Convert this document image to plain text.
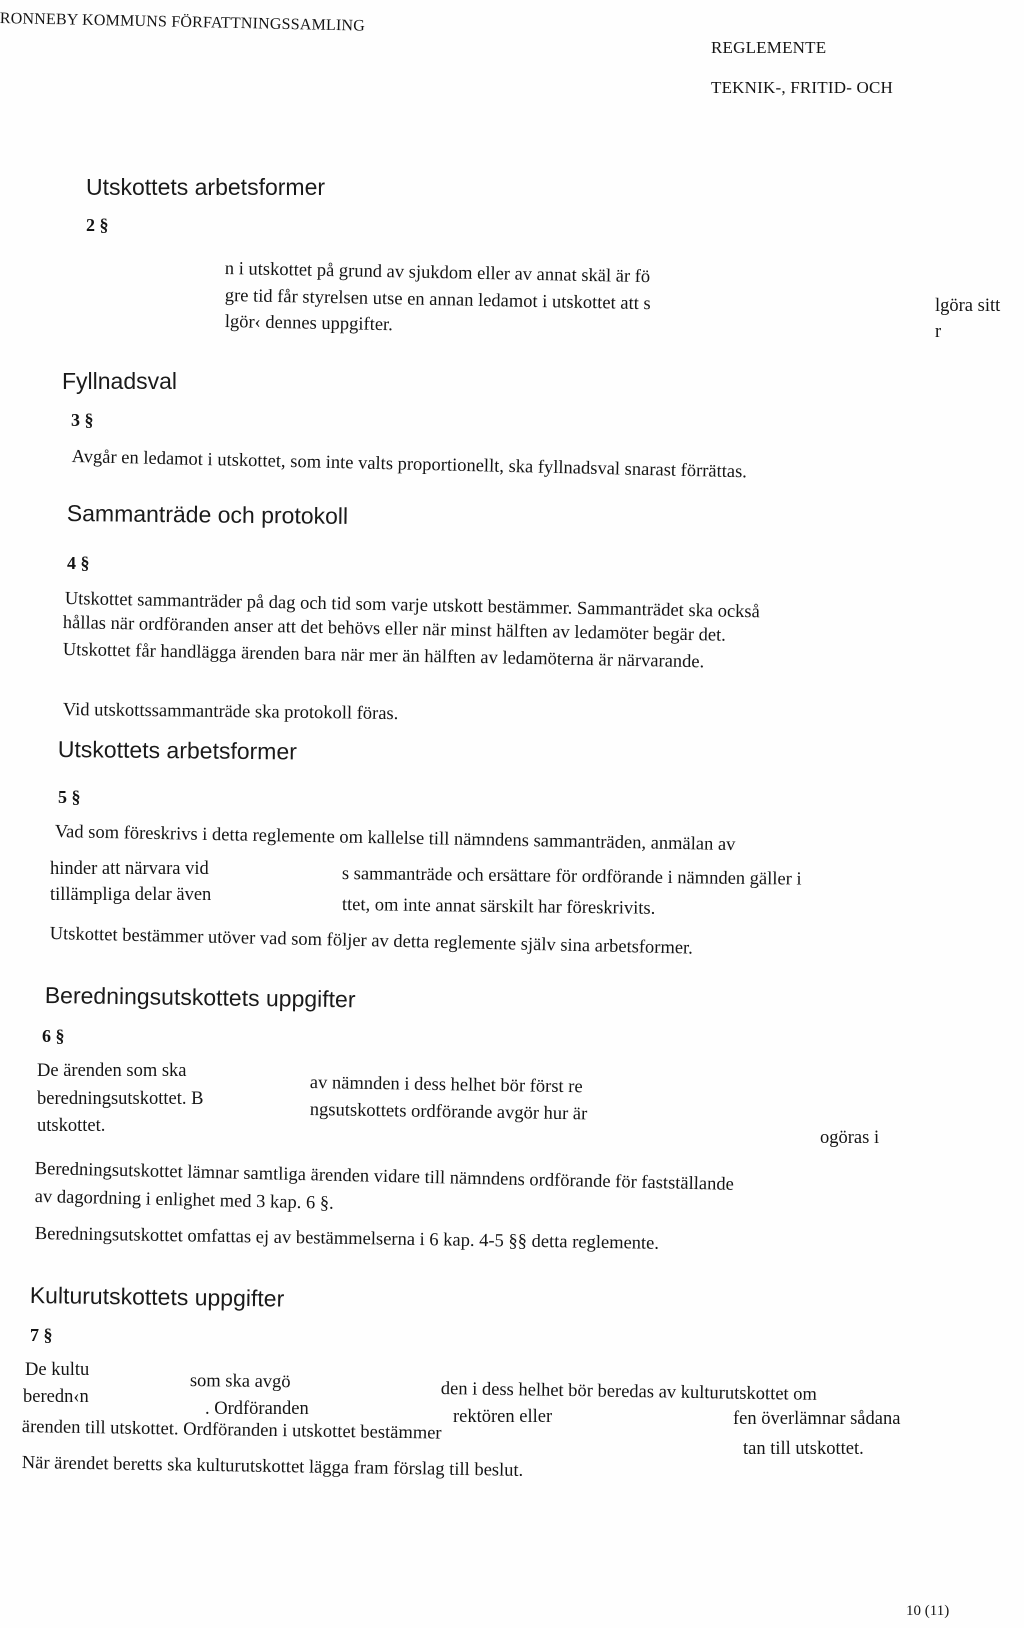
RONNEBY KOMMUNS FÖRFATTNINGSSAMLING
REGLEMENTE
TEKNIK-, FRITID- OCH
Utskottets arbetsformer
2 §
n i utskottet på grund av sjukdom eller av annat skäl är fö
gre tid får styrelsen utse en annan ledamot i utskottet att s
lgör‹ dennes uppgifter.
lgöra sitt
r
Fyllnadsval
3 §
Avgår en ledamot i utskottet, som inte valts proportionellt, ska fyllnadsval snarast förrättas.
Sammanträde och protokoll
4 §
Utskottet sammanträder på dag och tid som varje utskott bestämmer. Sammanträdet ska också
hållas när ordföranden anser att det behövs eller när minst hälften av ledamöter begär det.
Utskottet får handlägga ärenden bara när mer än hälften av ledamöterna är närvarande.
Vid utskottssammanträde ska protokoll föras.
Utskottets arbetsformer
5 §
Vad som föreskrivs i detta reglemente om kallelse till nämndens sammanträden, anmälan av
hinder att närvara vid	s sammanträde och ersättare för ordförande i nämnden gäller i
tillämpliga delar även
ttet, om inte annat särskilt har föreskrivits.
Utskottet bestämmer utöver vad som följer av detta reglemente själv sina arbetsformer.
Beredningsutskottets uppgifter
6 §
De ärenden som ska
av nämnden i dess helhet bör först re
beredningsutskottet. B
ngsutskottets ordförande avgör hur är
utskottet.
ogöras i
Beredningsutskottet lämnar samtliga ärenden vidare till nämndens ordförande för fastställande
av dagordning i enlighet med 3 kap. 6 §.
Beredningsutskottet omfattas ej av bestämmelserna i 6 kap. 4-5 §§ detta reglemente.
Kulturutskottets uppgifter
7 §
De kultu
som ska avgö	den i dess helhet bör beredas av kulturutskottet om
beredn‹n
. Ordföranden	rektören eller	fen överlämnar sådana
ärenden till utskottet. Ordföranden i utskottet bestämmer
tan till utskottet.
När ärendet beretts ska kulturutskottet lägga fram förslag till beslut.
10 (11)
